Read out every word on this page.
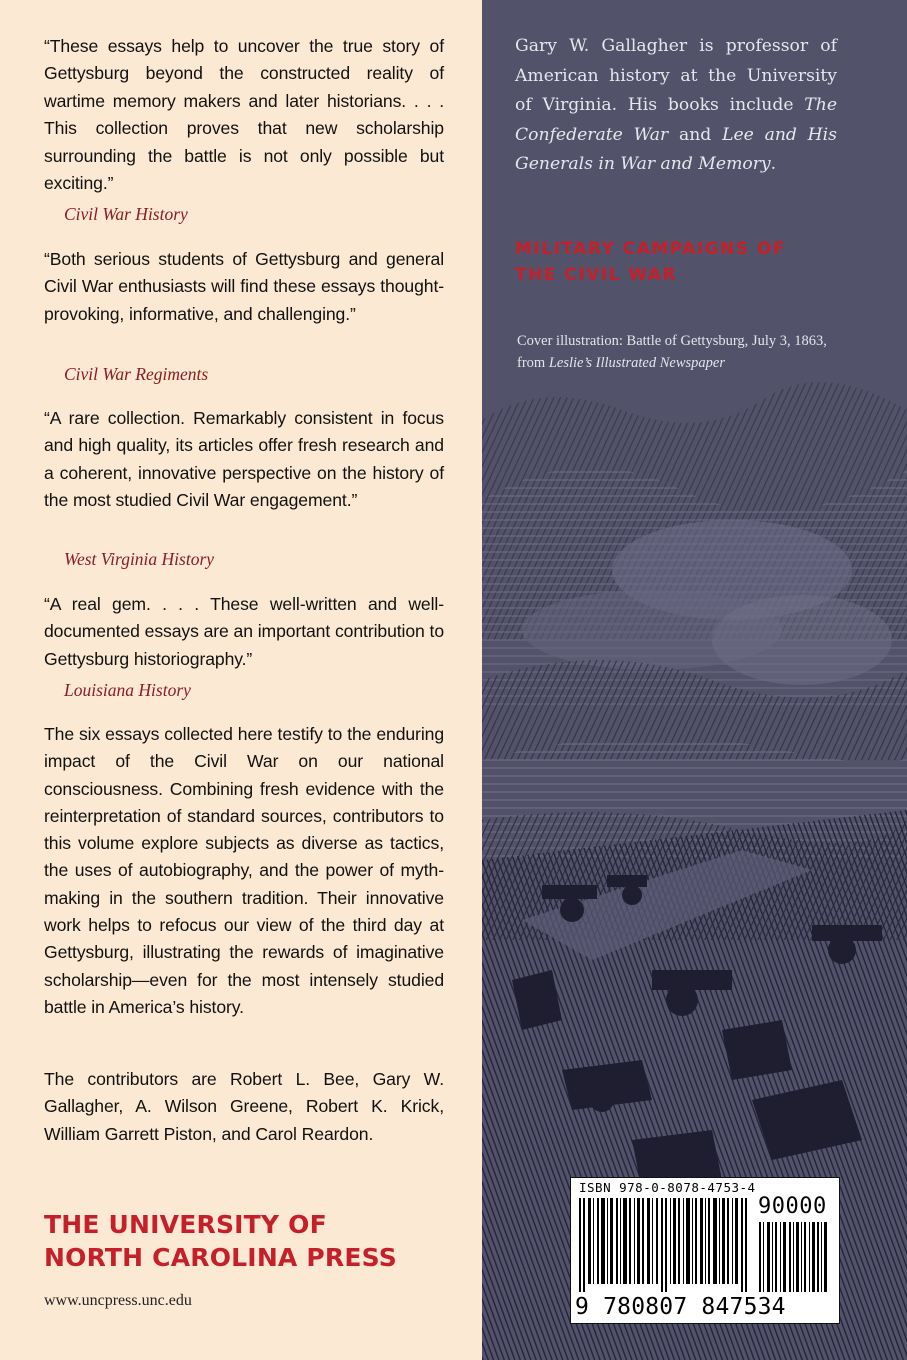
“These essays help to uncover the true story of Gettysburg beyond the constructed reality of wartime memory makers and later historians. . . . This collection proves that new scholarship surrounding the battle is not only possible but exciting.”
Civil War History
“Both serious students of Gettysburg and general Civil War enthusiasts will find these essays thought-provoking, informative, and challenging.”
Civil War Regiments
“A rare collection. Remarkably consistent in focus and high quality, its articles offer fresh research and a coherent, innovative perspective on the history of the most studied Civil War engagement.”
West Virginia History
“A real gem. . . . These well-written and well-documented essays are an important contribution to Gettysburg historiography.”
Louisiana History
The six essays collected here testify to the enduring impact of the Civil War on our national consciousness. Combining fresh evidence with the reinterpretation of standard sources, contributors to this volume explore subjects as diverse as tactics, the uses of autobiography, and the power of myth-making in the southern tradition. Their innovative work helps to refocus our view of the third day at Gettysburg, illustrating the rewards of imaginative scholarship—even for the most intensely studied battle in America’s history.
The contributors are Robert L. Bee, Gary W. Gallagher, A. Wilson Greene, Robert K. Krick, William Garrett Piston, and Carol Reardon.
THE UNIVERSITY OF
NORTH CAROLINA PRESS
www.uncpress.unc.edu
Gary W. Gallagher is professor of American history at the University of Virginia. His books include The Confederate War and Lee and His Generals in War and Memory.
MILITARY CAMPAIGNS OF
THE CIVIL WAR
Cover illustration: Battle of Gettysburg, July 3, 1863, from Leslie’s Illustrated Newspaper
ISBN 978-0-8078-4753-4
90000
9 780807 847534
